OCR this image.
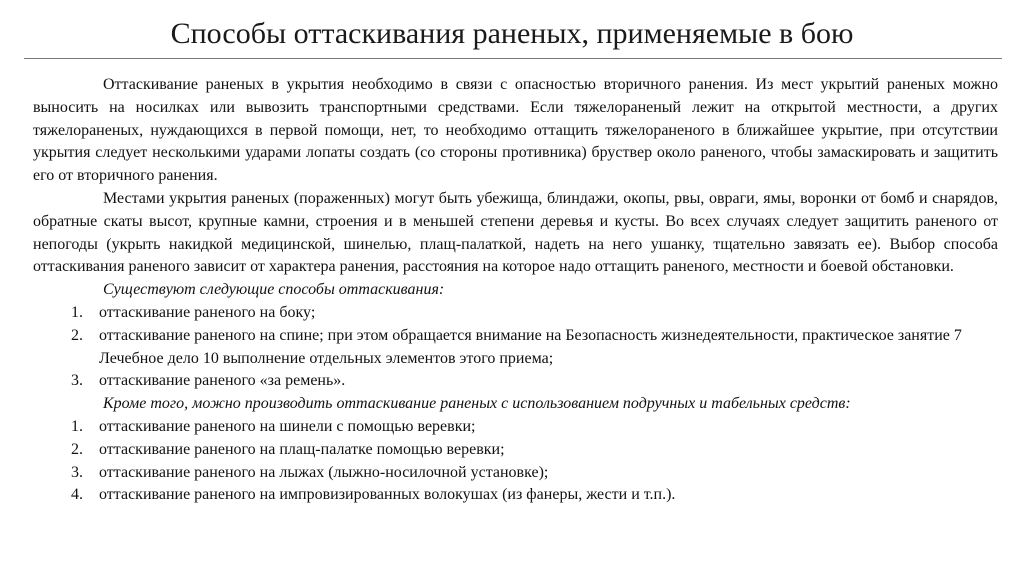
Способы оттаскивания раненых, применяемые в бою

Оттаскивание раненых в укрытия необходимо в связи с опасностью вторичного ранения. Из мест укрытий раненых можно выносить на носилках или вывозить транспортными средствами. Если тяжелораненый лежит на открытой местности, а других тяжелораненых, нуждающихся в первой помощи, нет, то необходимо оттащить тяжелораненого в ближайшее укрытие, при отсутствии укрытия следует несколькими ударами лопаты создать (со стороны противника) бруствер около раненого, чтобы замаскировать и защитить его от вторичного ранения.

Местами укрытия раненых (пораженных) могут быть убежища, блиндажи, окопы, рвы, овраги, ямы, воронки от бомб и снарядов, обратные скаты высот, крупные камни, строения и в меньшей степени деревья и кусты. Во всех случаях следует защитить раненого от непогоды (укрыть накидкой медицинской, шинелью, плащ-палаткой, надеть на него ушанку, тщательно завязать ее). Выбор способа оттаскивания раненого зависит от характера ранения, расстояния на которое надо оттащить раненого, местности и боевой обстановки.

Существуют следующие способы оттаскивания:

1. оттаскивание раненого на боку;
2. оттаскивание раненого на спине; при этом обращается внимание на Безопасность жизнедеятельности, практическое занятие 7 Лечебное дело 10 выполнение отдельных элементов этого приема;
3. оттаскивание раненого «за ремень».

Кроме того, можно производить оттаскивание раненых с использованием подручных и табельных средств:

1. оттаскивание раненого на шинели с помощью веревки;
2. оттаскивание раненого на плащ-палатке помощью веревки;
3. оттаскивание раненого на лыжах (лыжно-носилочной установке);
4. оттаскивание раненого на импровизированных волокушах (из фанеры, жести и т.п.).
